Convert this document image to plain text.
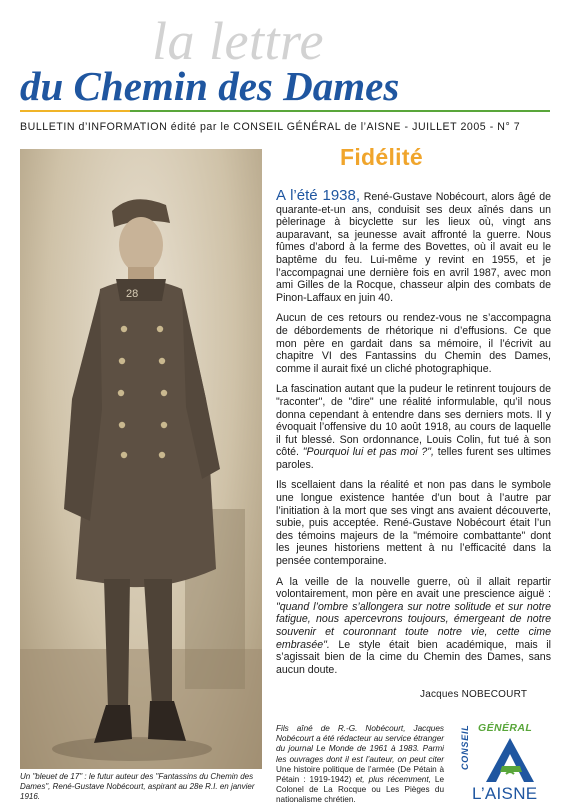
la lettre
du Chemin des Dames
BULLETIN d’INFORMATION édité par le CONSEIL GÉNÉRAL de l’AISNE - JUILLET 2005 - N° 7
28
Un "bleuet de 17" : le futur auteur des "Fantassins du Chemin des Dames", René-Gustave Nobécourt, aspirant au 28e R.I. en janvier 1916.
Fidélité

A l’été 1938, René-Gustave Nobécourt, alors âgé de quarante-et-un ans, conduisit ses deux aînés dans un pèlerinage à bicyclette sur les lieux où, vingt ans auparavant, sa jeunesse avait affronté la guerre. Nous fûmes d’abord à la ferme des Bovettes, où il avait eu le baptême du feu. Lui-même y revint en 1955, et je l’accompagnai une dernière fois en avril 1987, avec mon ami Gilles de la Rocque, chasseur alpin des combats de Pinon-Laffaux en juin 40.

Aucun de ces retours ou rendez-vous ne s’accompagna de débordements de rhétorique ni d’effusions. Ce que mon père en gardait dans sa mémoire, il l’écrivit au chapitre VI des Fantassins du Chemin des Dames, comme il aurait fixé un cliché photographique.

La fascination autant que la pudeur le retinrent toujours de "raconter", de "dire" une réalité informulable, qu’il nous donna cependant à entendre dans ses derniers mots. Il y évoquait l’offensive du 10 août 1918, au cours de laquelle il fut blessé. Son ordonnance, Louis Colin, fut tué à son côté. "Pourquoi lui et pas moi ?", telles furent ses ultimes paroles.

Ils scellaient dans la réalité et non pas dans le symbole une longue existence hantée d’un bout à l’autre par l’initiation à la mort que ses vingt ans avaient découverte, subie, puis acceptée. René-Gustave Nobécourt était l’un des témoins majeurs de la "mémoire combattante" dont les jeunes historiens mettent à nu l’efficacité dans la pensée contemporaine.

A la veille de la nouvelle guerre, où il allait repartir volontairement, mon père en avait une prescience aiguë : "quand l’ombre s’allongera sur notre solitude et sur notre fatigue, nous apercevrons toujours, émergeant de notre souvenir et couronnant toute notre vie, cette cime embrasée". Le style était bien académique, mais il s’agissait bien de la cime du Chemin des Dames, sans aucun doute.

Jacques NOBECOURT

Fils aîné de R.-G. Nobécourt, Jacques Nobécourt a été rédacteur au service étranger du journal Le Monde de 1961 à 1983. Parmi les ouvrages dont il est l’auteur, on peut citer Une histoire politique de l’armée (De Pétain à Pétain : 1919-1942) et, plus récemment, Le Colonel de La Rocque ou Les Pièges du nationalisme chrétien.

GÉNÉRAL
CONSEIL
L’AISNE
